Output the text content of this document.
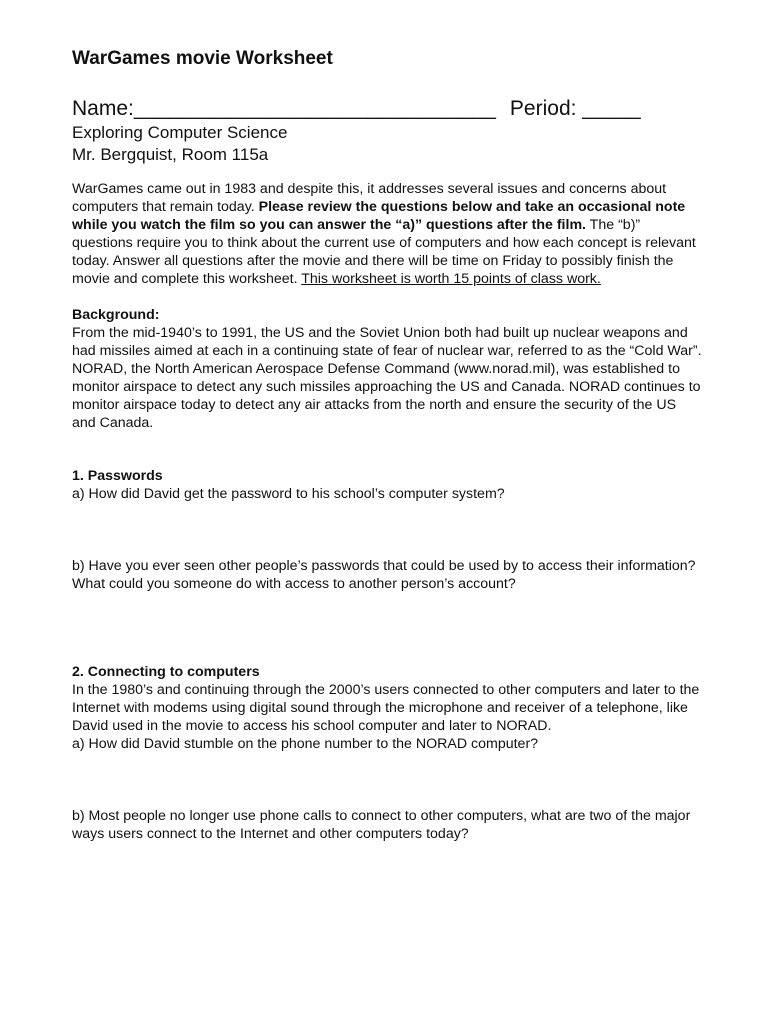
WarGames movie Worksheet
Name:_______________________________ Period: _____
Exploring Computer Science
Mr. Bergquist, Room 115a
WarGames came out in 1983 and despite this, it addresses several issues and concerns about computers that remain today. Please review the questions below and take an occasional note while you watch the film so you can answer the “a)” questions after the film. The “b)” questions require you to think about the current use of computers and how each concept is relevant today. Answer all questions after the movie and there will be time on Friday to possibly finish the movie and complete this worksheet. This worksheet is worth 15 points of class work.
Background:
From the mid-1940’s to 1991, the US and the Soviet Union both had built up nuclear weapons and had missiles aimed at each in a continuing state of fear of nuclear war, referred to as the “Cold War”. NORAD, the North American Aerospace Defense Command (www.norad.mil), was established to monitor airspace to detect any such missiles approaching the US and Canada. NORAD continues to monitor airspace today to detect any air attacks from the north and ensure the security of the US and Canada.
1. Passwords
a) How did David get the password to his school’s computer system?
b) Have you ever seen other people’s passwords that could be used by to access their information? What could you someone do with access to another person’s account?
2. Connecting to computers
In the 1980’s and continuing through the 2000’s users connected to other computers and later to the Internet with modems using digital sound through the microphone and receiver of a telephone, like David used in the movie to access his school computer and later to NORAD.
a) How did David stumble on the phone number to the NORAD computer?
b) Most people no longer use phone calls to connect to other computers, what are two of the major ways users connect to the Internet and other computers today?
